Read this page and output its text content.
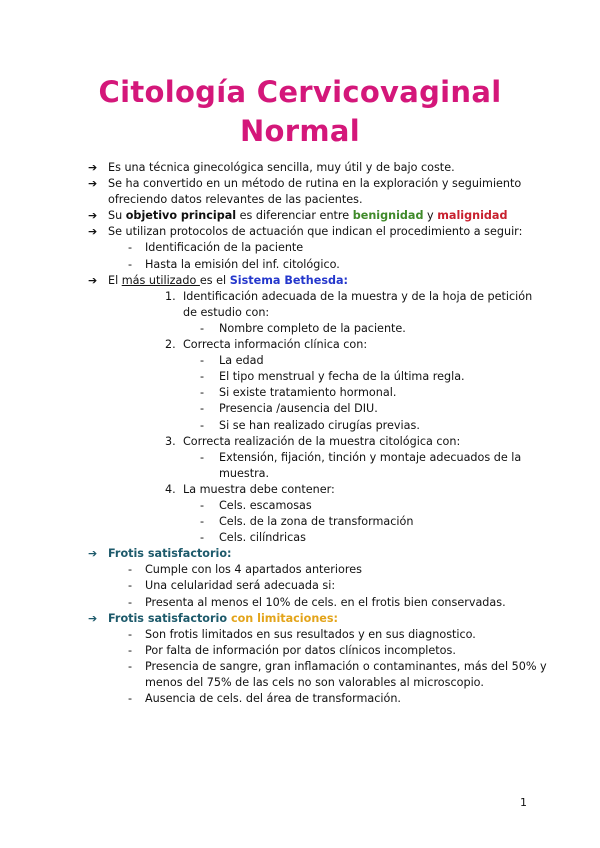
Citología Cervicovaginal
Normal
➔ Es una técnica ginecológica sencilla, muy útil y de bajo coste.
➔ Se ha convertido en un método de rutina en la exploración y seguimiento
ofreciendo datos relevantes de las pacientes.
➔ Su objetivo principal es diferenciar entre benignidad y malignidad
➔ Se utilizan protocolos de actuación que indican el procedimiento a seguir:
- Identificación de la paciente
- Hasta la emisión del inf. citológico.
➔ El más utilizado es el Sistema Bethesda:
1. Identificación adecuada de la muestra y de la hoja de petición
de estudio con:
- Nombre completo de la paciente.
2. Correcta información clínica con:
- La edad
- El tipo menstrual y fecha de la última regla.
- Si existe tratamiento hormonal.
- Presencia /ausencia del DIU.
- Si se han realizado cirugías previas.
3. Correcta realización de la muestra citológica con:
- Extensión, fijación, tinción y montaje adecuados de la
muestra.
4. La muestra debe contener:
- Cels. escamosas
- Cels. de la zona de transformación
- Cels. cilíndricas
➔ Frotis satisfactorio:
- Cumple con los 4 apartados anteriores
- Una celularidad será adecuada si:
- Presenta al menos el 10% de cels. en el frotis bien conservadas.
➔ Frotis satisfactorio con limitaciones:
- Son frotis limitados en sus resultados y en sus diagnostico.
- Por falta de información por datos clínicos incompletos.
- Presencia de sangre, gran inflamación o contaminantes, más del 50% y
menos del 75% de las cels no son valorables al microscopio.
- Ausencia de cels. del área de transformación.
1
